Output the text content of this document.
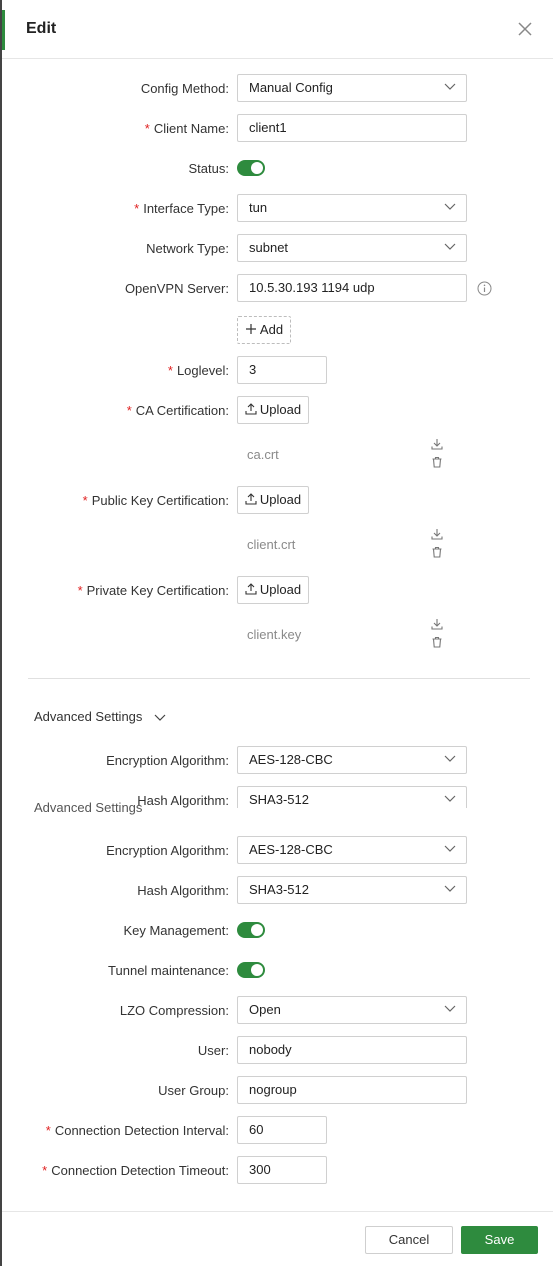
Edit
Config Method:	Manual Config
* Client Name:	client1
Status:
* Interface Type:	tun
Network Type:	subnet
OpenVPN Server:	10.5.30.193 1194 udp
Add
* Loglevel:	3
* CA Certification:	Upload
ca.crt
* Public Key Certification:	Upload
client.crt
* Private Key Certification:	Upload
client.key
Advanced Settings
Encryption Algorithm:	AES-128-CBC
Advanced Settings
Hash Algorithm:	SHA3-512
Encryption Algorithm:	AES-128-CBC
Hash Algorithm:	SHA3-512
Key Management:
Tunnel maintenance:
LZO Compression:	Open
User:	nobody
User Group:	nogroup
* Connection Detection Interval:	60
* Connection Detection Timeout:	300
Cancel	Save
